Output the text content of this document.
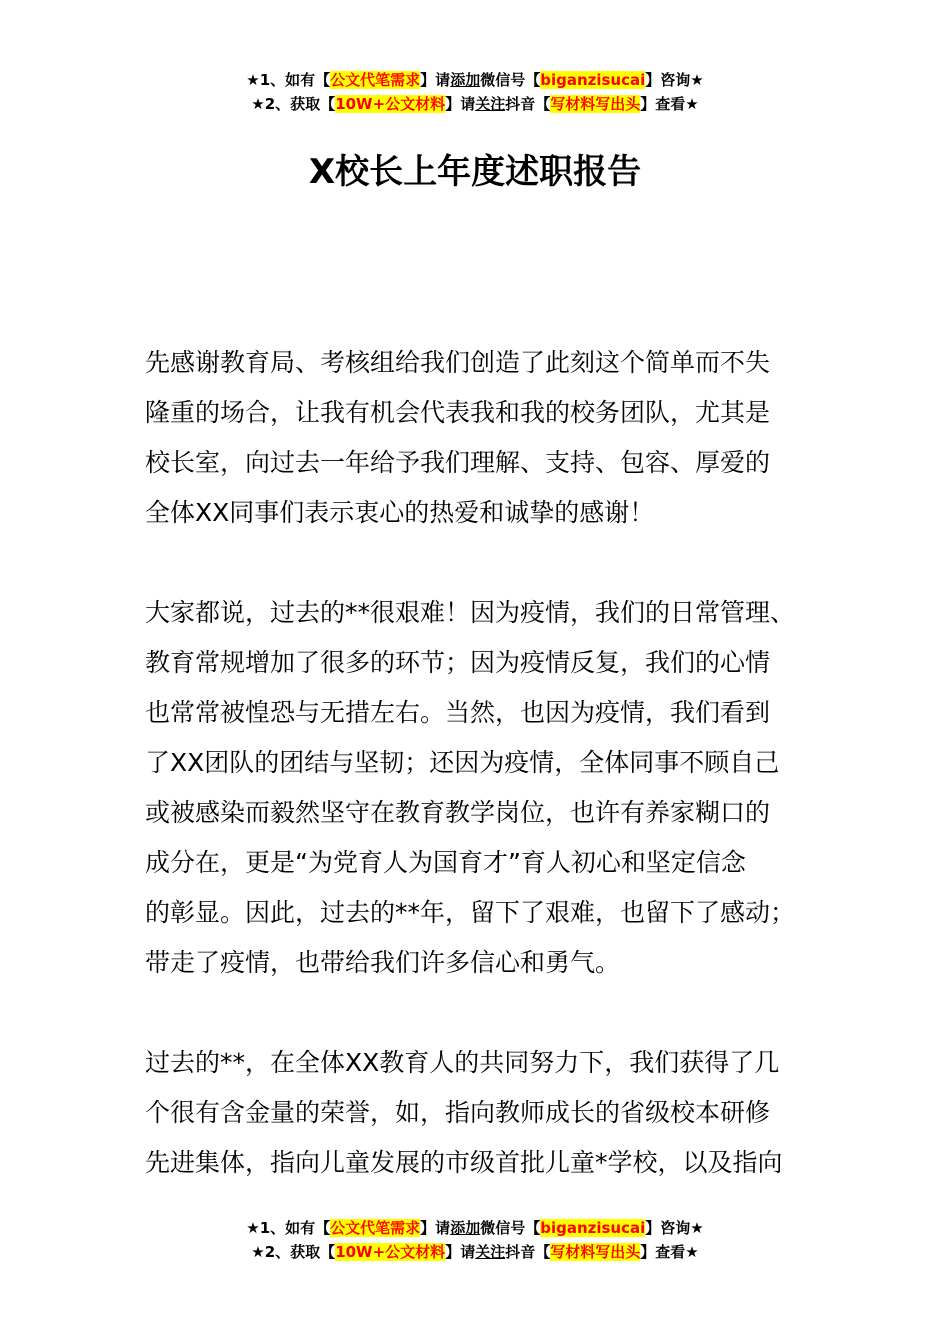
★1、如有【公文代笔需求】请添加微信号【biganzisucai】咨询★
★2、获取【10W+公文材料】请关注抖音【写材料写出头】查看★
X校长上年度述职报告

先感谢教育局、考核组给我们创造了此刻这个简单而不失
隆重的场合，让我有机会代表我和我的校务团队，尤其是
校长室，向过去一年给予我们理解、支持、包容、厚爱的
全体XX同事们表示衷心的热爱和诚挚的感谢！

大家都说，过去的**很艰难！因为疫情，我们的日常管理、
教育常规增加了很多的环节；因为疫情反复，我们的心情
也常常被惶恐与无措左右。当然，也因为疫情，我们看到
了XX团队的团结与坚韧；还因为疫情，全体同事不顾自己
或被感染而毅然坚守在教育教学岗位，也许有养家糊口的
成分在，更是“为党育人为国育才”育人初心和坚定信念
的彰显。因此，过去的**年，留下了艰难，也留下了感动；
带走了疫情，也带给我们许多信心和勇气。

过去的**，在全体XX教育人的共同努力下，我们获得了几
个很有含金量的荣誉，如，指向教师成长的省级校本研修
先进集体，指向儿童发展的市级首批儿童*学校，以及指向

★1、如有【公文代笔需求】请添加微信号【biganzisucai】咨询★
★2、获取【10W+公文材料】请关注抖音【写材料写出头】查看★
